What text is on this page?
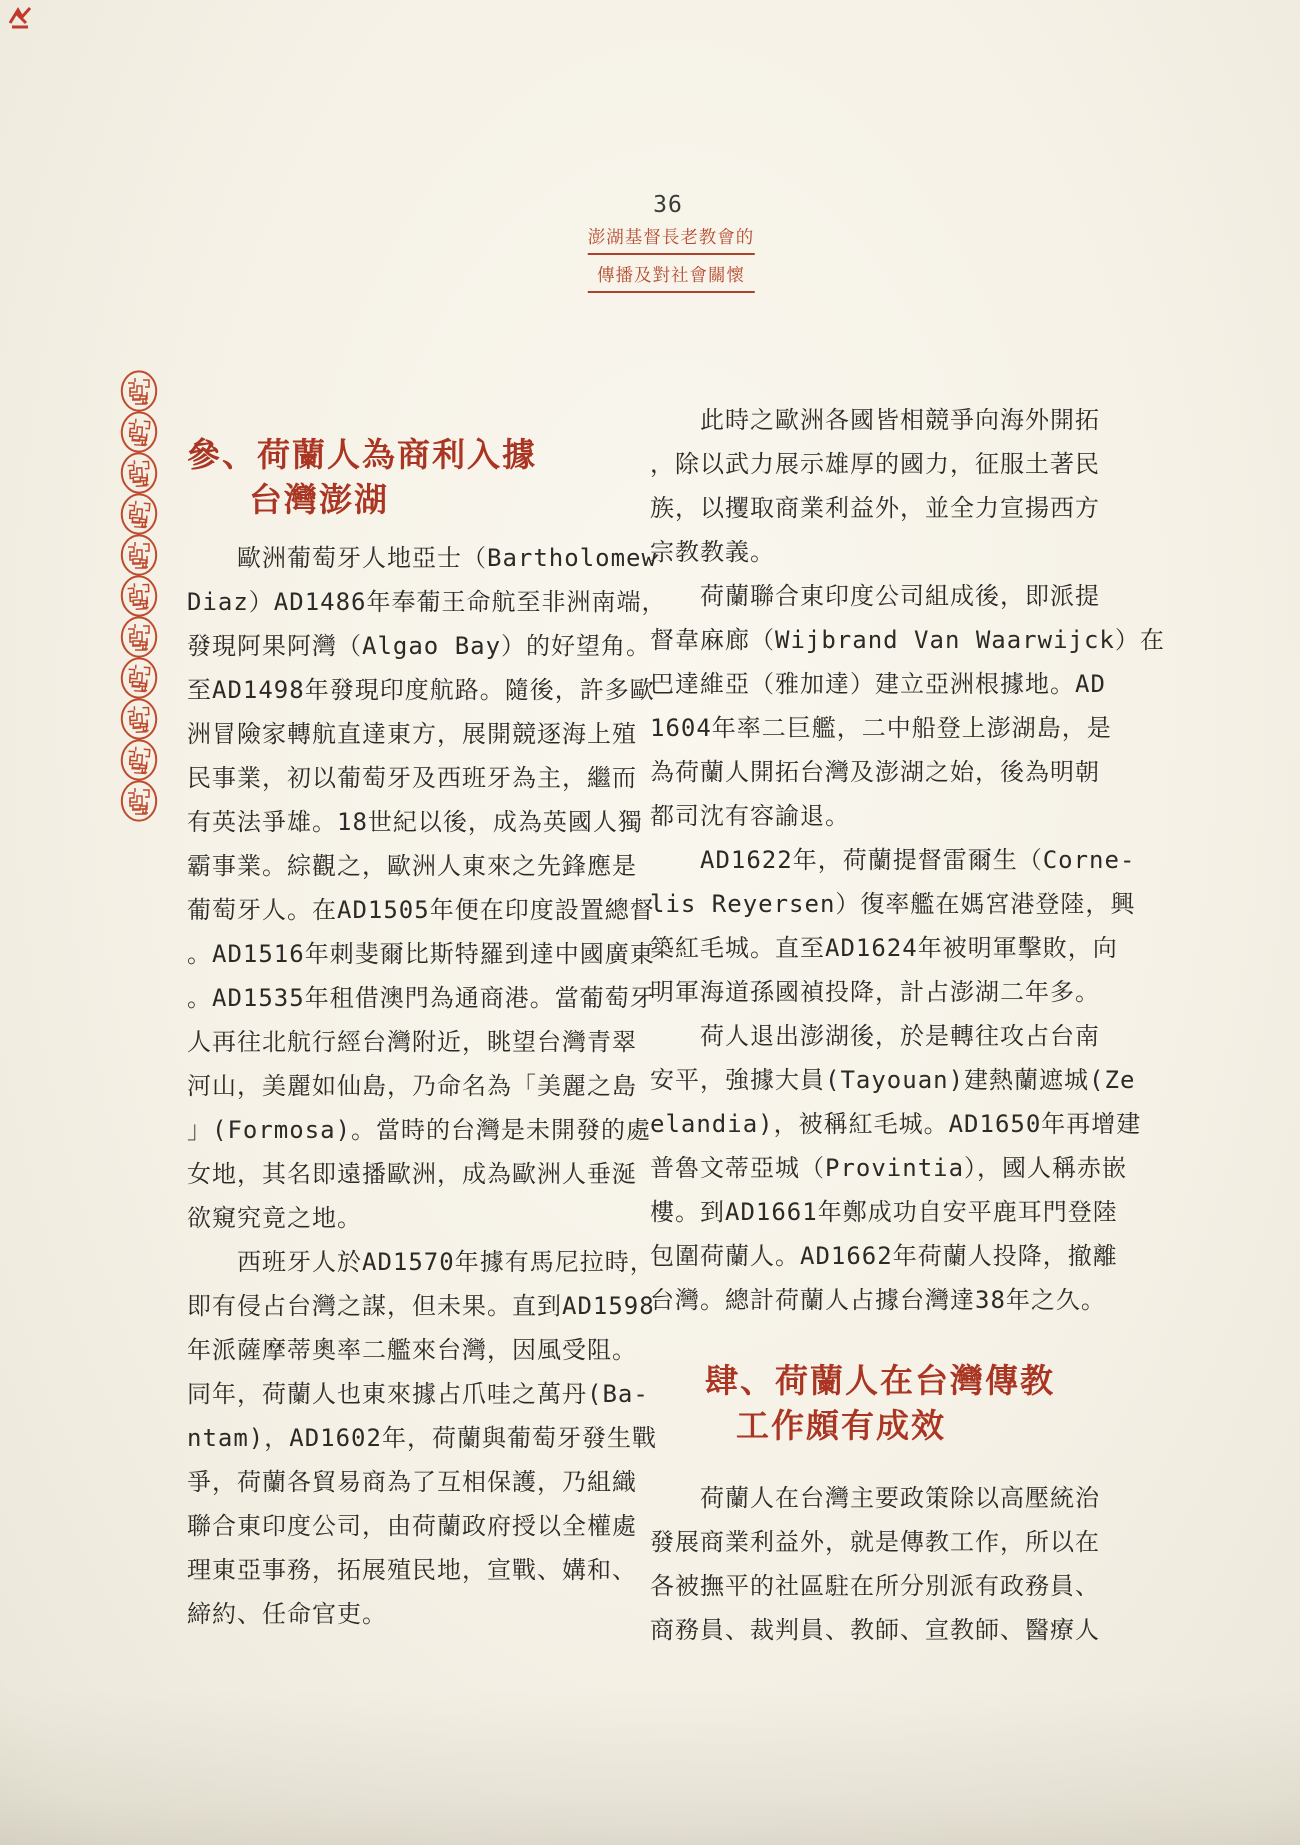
36
澎湖基督長老教會的
傳播及對社會關懷
參、荷蘭人為商利入據
台灣澎湖
　　歐洲葡萄牙人地亞士（Bartholomew
Diaz）AD1486年奉葡王命航至非洲南端，
發現阿果阿灣（Algao Bay）的好望角。
至AD1498年發現印度航路。隨後，許多歐
洲冒險家轉航直達東方，展開競逐海上殖
民事業，初以葡萄牙及西班牙為主，繼而
有英法爭雄。18世紀以後，成為英國人獨
霸事業。綜觀之，歐洲人東來之先鋒應是
葡萄牙人。在AD1505年便在印度設置總督
。AD1516年刺斐爾比斯特羅到達中國廣東
。AD1535年租借澳門為通商港。當葡萄牙
人再往北航行經台灣附近，眺望台灣青翠
河山，美麗如仙島，乃命名為「美麗之島
」(Formosa)。當時的台灣是未開發的處
女地，其名即遠播歐洲，成為歐洲人垂涎
欲窺究竟之地。
　　西班牙人於AD1570年據有馬尼拉時，
即有侵占台灣之謀，但未果。直到AD1598
年派薩摩蒂奧率二艦來台灣，因風受阻。
同年，荷蘭人也東來據占爪哇之萬丹(Ba-
ntam)，AD1602年，荷蘭與葡萄牙發生戰
爭，荷蘭各貿易商為了互相保護，乃組織
聯合東印度公司，由荷蘭政府授以全權處
理東亞事務，拓展殖民地，宣戰、媾和、
締約、任命官吏。
　　此時之歐洲各國皆相競爭向海外開拓
，除以武力展示雄厚的國力，征服土著民
族，以攫取商業利益外，並全力宣揚西方
宗教教義。
　　荷蘭聯合東印度公司組成後，即派提
督韋麻廊（Wijbrand Van Waarwijck）在
巴達維亞（雅加達）建立亞洲根據地。AD
1604年率二巨艦，二中船登上澎湖島，是
為荷蘭人開拓台灣及澎湖之始，後為明朝
都司沈有容諭退。
　　AD1622年，荷蘭提督雷爾生（Corne-
lis Reyersen）復率艦在媽宮港登陸，興
築紅毛城。直至AD1624年被明軍擊敗，向
明軍海道孫國禎投降，計占澎湖二年多。
　　荷人退出澎湖後，於是轉往攻占台南
安平，強據大員(Tayouan)建熱蘭遮城(Ze
elandia)，被稱紅毛城。AD1650年再增建
普魯文蒂亞城（Provintia），國人稱赤嵌
樓。到AD1661年鄭成功自安平鹿耳門登陸
包圍荷蘭人。AD1662年荷蘭人投降，撤離
台灣。總計荷蘭人占據台灣達38年之久。
肆、荷蘭人在台灣傳教
工作頗有成效
　　荷蘭人在台灣主要政策除以高壓統治
發展商業利益外，就是傳教工作，所以在
各被撫平的社區駐在所分別派有政務員、
商務員、裁判員、教師、宣教師、醫療人
